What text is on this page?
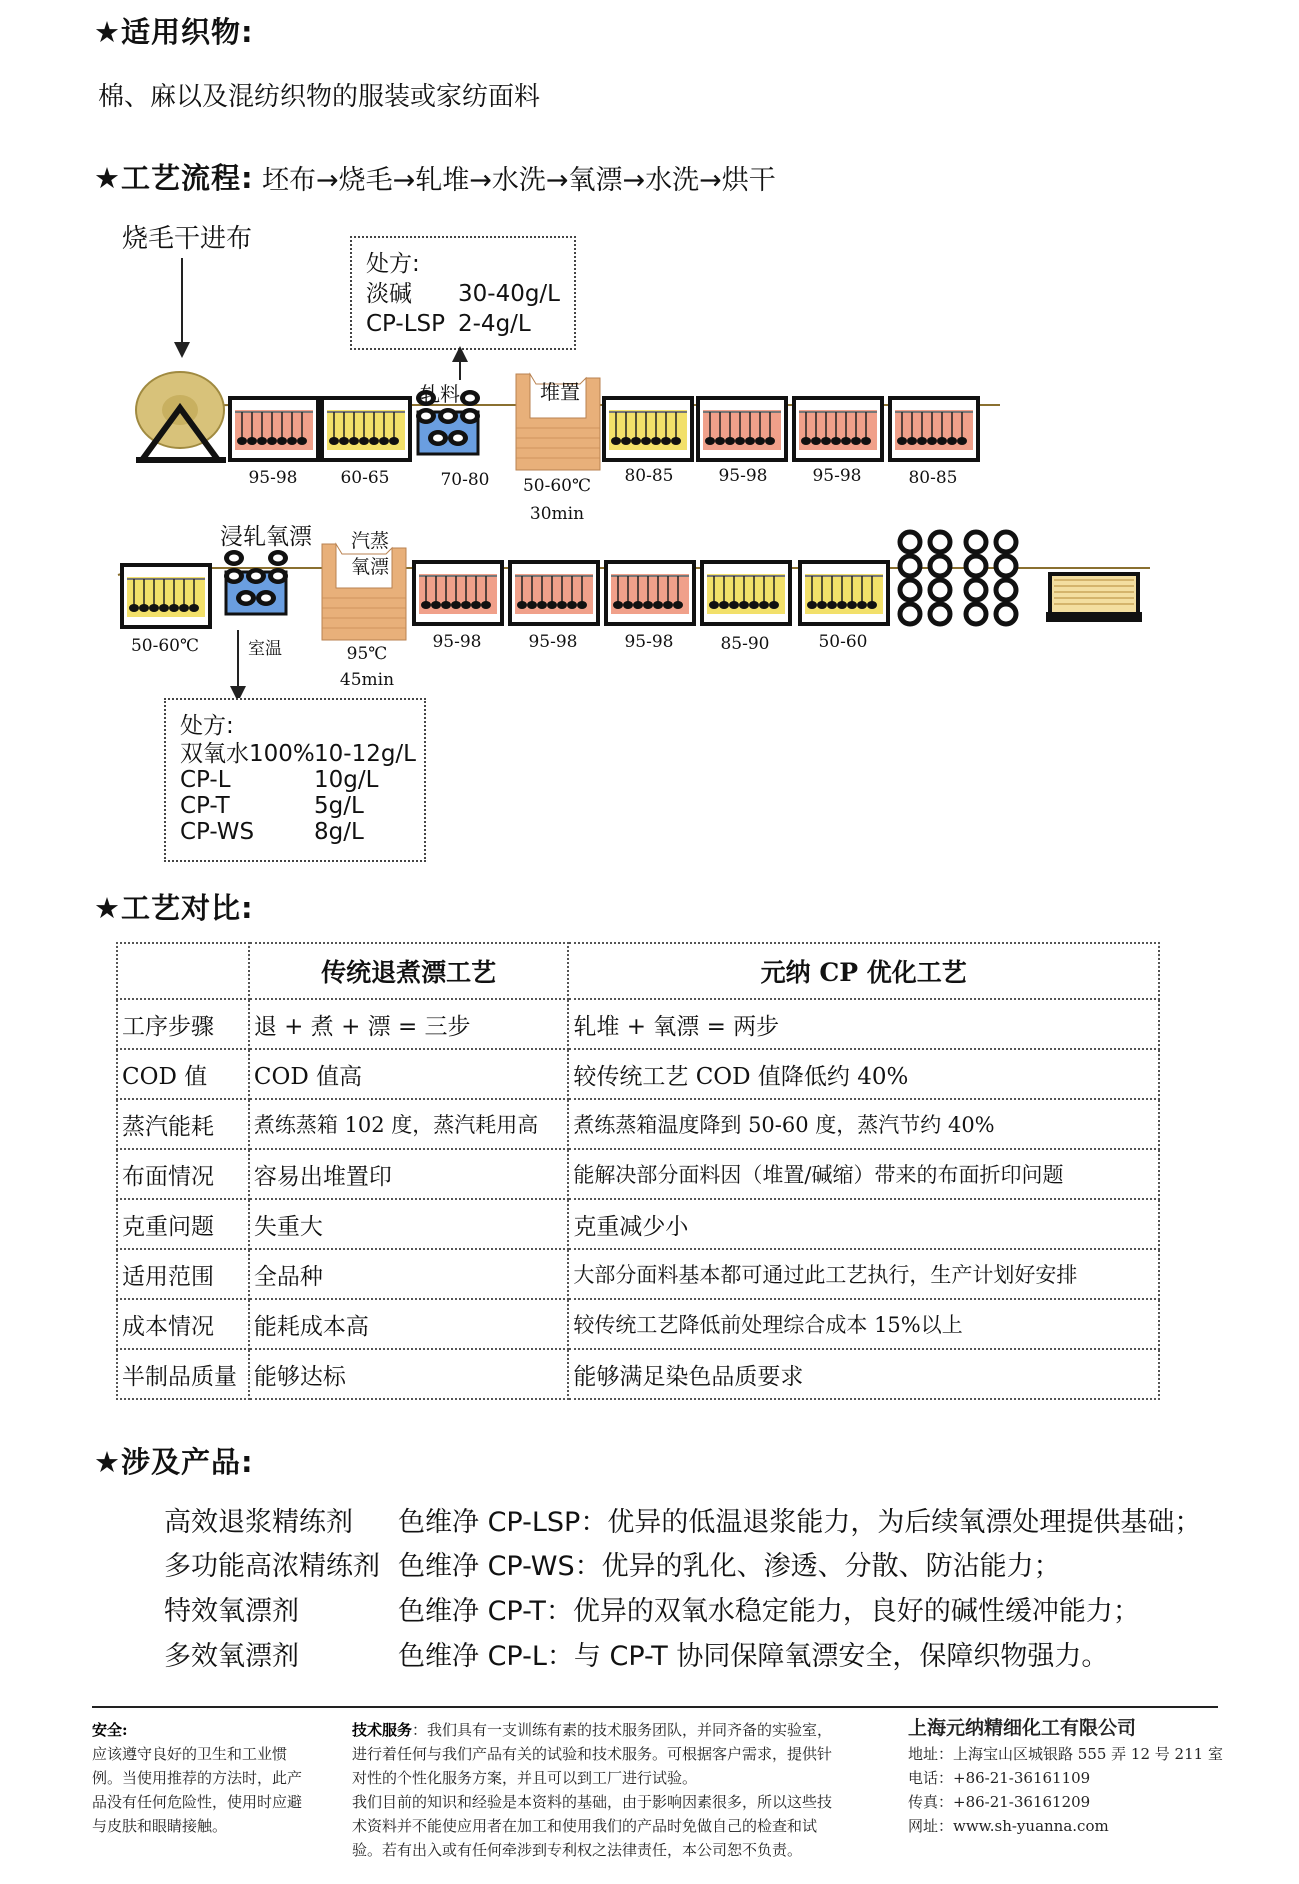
★适用织物:
棉、麻以及混纺织物的服装或家纺面料
★工艺流程: 坯布→烧毛→轧堆→水洗→氧漂→水洗→烘干
烧毛干进布
处方:
淡碱 30-40g/L
CP-LSP 2-4g/L
轧料	堆置
95-98	60-65	70-80	50-60℃
30min
80-85	95-98	95-98	80-85
浸轧氧漂	汽蒸
氧漂
50-60℃	室温	95℃
45min
95-98	95-98	95-98	85-90	50-60
处方:
双氧水100% 10-12g/L
CP-L	10g/L
CP-T	5g/L
CP-WS	8g/L
★工艺对比:
	传统退煮漂工艺	元纳 CP 优化工艺
工序步骤	退 + 煮 + 漂 = 三步	轧堆 + 氧漂 = 两步
COD 值	COD 值高	较传统工艺 COD 值降低约 40%
蒸汽能耗	煮练蒸箱 102 度，蒸汽耗用高	煮练蒸箱温度降到 50-60 度，蒸汽节约 40%
布面情况	容易出堆置印	能解决部分面料因（堆置/碱缩）带来的布面折印问题
克重问题	失重大	克重减少小
适用范围	全品种	大部分面料基本都可通过此工艺执行，生产计划好安排
成本情况	能耗成本高	较传统工艺降低前处理综合成本 15%以上
半制品质量	能够达标	能够满足染色品质要求
★涉及产品:
高效退浆精练剂 色维净 CP-LSP：优异的低温退浆能力，为后续氧漂处理提供基础；
多功能高浓精练剂 色维净 CP-WS：优异的乳化、渗透、分散、防沾能力；
特效氧漂剂	色维净 CP-T：优异的双氧水稳定能力，良好的碱性缓冲能力；
多效氧漂剂	色维净 CP-L：与 CP-T 协同保障氧漂安全，保障织物强力。
安全:
应该遵守良好的卫生和工业惯
例。当使用推荐的方法时，此产
品没有任何危险性，使用时应避
与皮肤和眼睛接触。
技术服务：我们具有一支训练有素的技术服务团队，并同齐备的实验室，
进行着任何与我们产品有关的试验和技术服务。可根据客户需求，提供针
对性的个性化服务方案，并且可以到工厂进行试验。
我们目前的知识和经验是本资料的基础，由于影响因素很多，所以这些技
术资料并不能使应用者在加工和使用我们的产品时免做自己的检查和试
验。若有出入或有任何牵涉到专利权之法律责任，本公司恕不负责。
上海元纳精细化工有限公司
地址：上海宝山区城银路 555 弄 12 号 211 室
电话：+86-21-36161109
传真：+86-21-36161209
网址：www.sh-yuanna.com
